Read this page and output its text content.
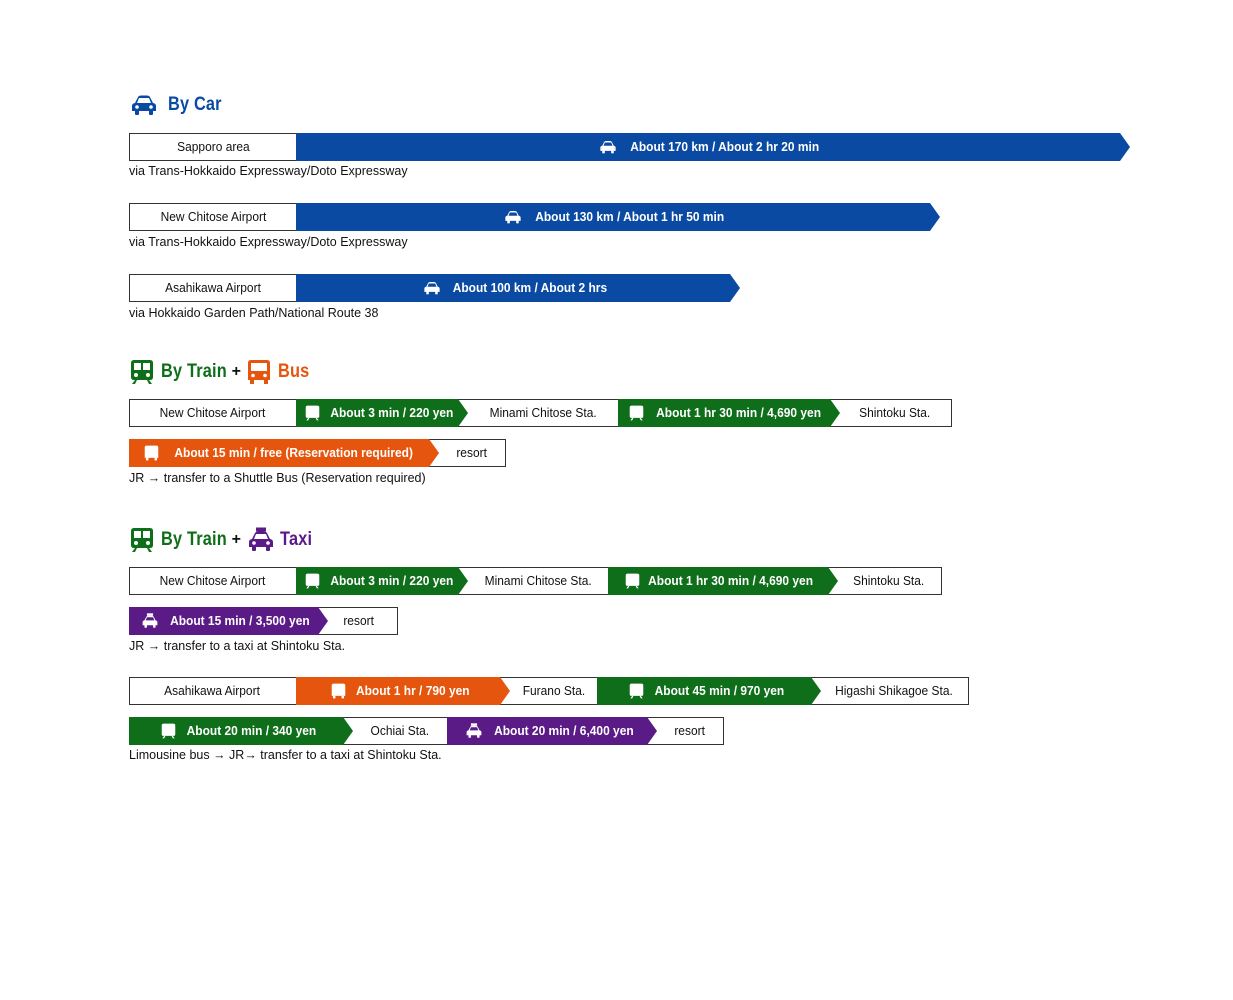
By Car
Sapporo area	About 170 km / About 2 hr 20 min
via Trans-Hokkaido Expressway/Doto Expressway
New Chitose Airport	About 130 km / About 1 hr 50 min
via Trans-Hokkaido Expressway/Doto Expressway
Asahikawa Airport	About 100 km / About 2 hrs
via Hokkaido Garden Path/National Route 38
By Train + Bus
New Chitose Airport	About 3 min / 220 yen	Minami Chitose Sta.	About 1 hr 30 min / 4,690 yen	Shintoku Sta.
About 15 min / free (Reservation required)	resort
JR → transfer to a Shuttle Bus (Reservation required)
By Train + Taxi
New Chitose Airport	About 3 min / 220 yen	Minami Chitose Sta.	About 1 hr 30 min / 4,690 yen	Shintoku Sta.
About 15 min / 3,500 yen	resort
JR → transfer to a taxi at Shintoku Sta.
Asahikawa Airport	About 1 hr / 790 yen	Furano Sta.	About 45 min / 970 yen	Higashi Shikagoe Sta.
About 20 min / 340 yen	Ochiai Sta.	About 20 min / 6,400 yen	resort
Limousine bus → JR→ transfer to a taxi at Shintoku Sta.
